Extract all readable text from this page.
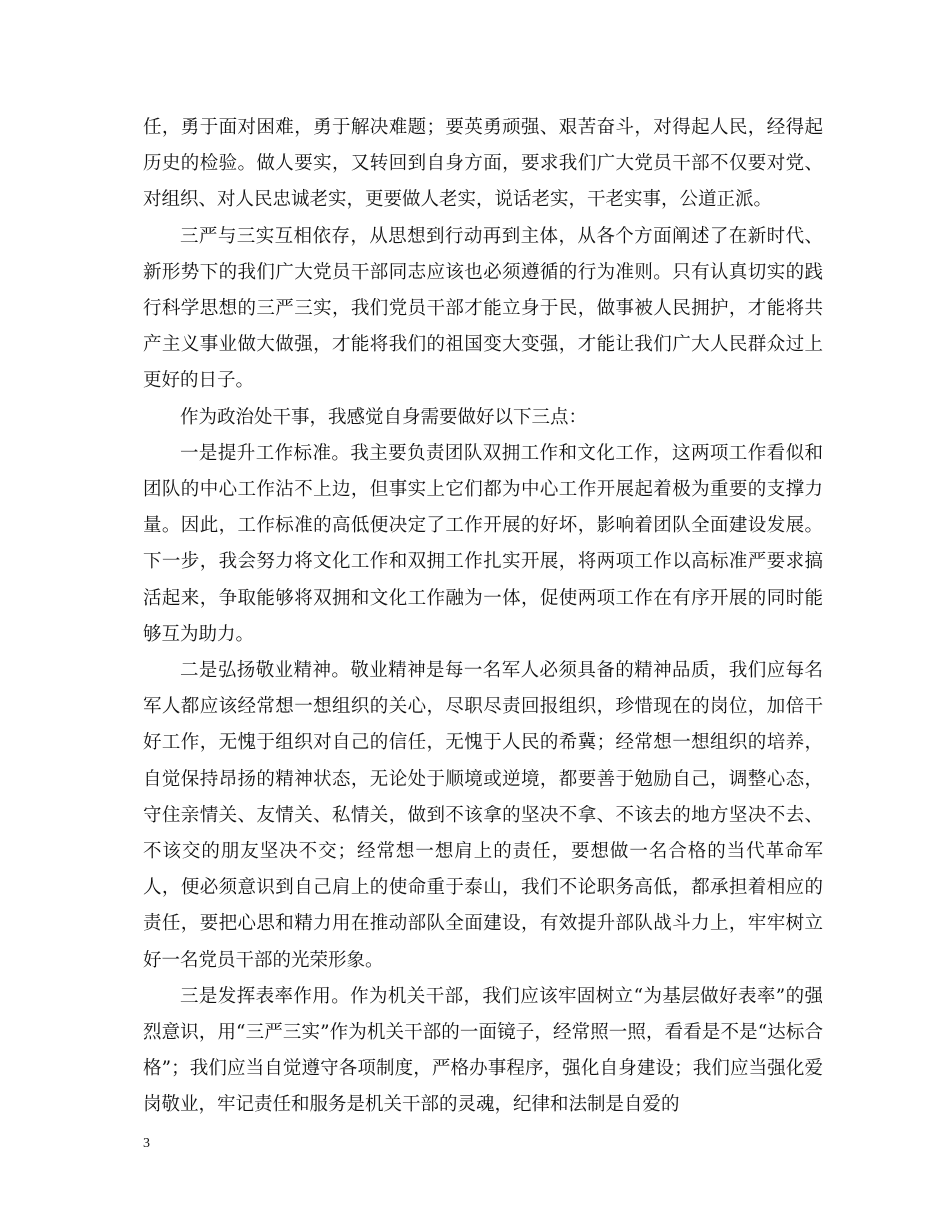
任，勇于面对困难，勇于解决难题；要英勇顽强、艰苦奋斗，对得起人民，经得起历史的检验。做人要实，又转回到自身方面，要求我们广大党员干部不仅要对党、对组织、对人民忠诚老实，更要做人老实，说话老实，干老实事，公道正派。

三严与三实互相依存，从思想到行动再到主体，从各个方面阐述了在新时代、新形势下的我们广大党员干部同志应该也必须遵循的行为准则。只有认真切实的践行科学思想的三严三实，我们党员干部才能立身于民，做事被人民拥护，才能将共产主义事业做大做强，才能将我们的祖国变大变强，才能让我们广大人民群众过上更好的日子。

作为政治处干事，我感觉自身需要做好以下三点：

一是提升工作标准。我主要负责团队双拥工作和文化工作，这两项工作看似和团队的中心工作沾不上边，但事实上它们都为中心工作开展起着极为重要的支撑力量。因此，工作标准的高低便决定了工作开展的好坏，影响着团队全面建设发展。下一步，我会努力将文化工作和双拥工作扎实开展，将两项工作以高标准严要求搞活起来，争取能够将双拥和文化工作融为一体，促使两项工作在有序开展的同时能够互为助力。

二是弘扬敬业精神。敬业精神是每一名军人必须具备的精神品质，我们应每名军人都应该经常想一想组织的关心，尽职尽责回报组织，珍惜现在的岗位，加倍干好工作，无愧于组织对自己的信任，无愧于人民的希冀；经常想一想组织的培养，自觉保持昂扬的精神状态，无论处于顺境或逆境，都要善于勉励自己，调整心态，守住亲情关、友情关、私情关，做到不该拿的坚决不拿、不该去的地方坚决不去、不该交的朋友坚决不交；经常想一想肩上的责任，要想做一名合格的当代革命军人，便必须意识到自己肩上的使命重于泰山，我们不论职务高低，都承担着相应的责任，要把心思和精力用在推动部队全面建设，有效提升部队战斗力上，牢牢树立好一名党员干部的光荣形象。

三是发挥表率作用。作为机关干部，我们应该牢固树立“为基层做好表率”的强烈意识，用“三严三实”作为机关干部的一面镜子，经常照一照，看看是不是“达标合格”；我们应当自觉遵守各项制度，严格办事程序，强化自身建设；我们应当强化爱岗敬业，牢记责任和服务是机关干部的灵魂，纪律和法制是自爱的

3
